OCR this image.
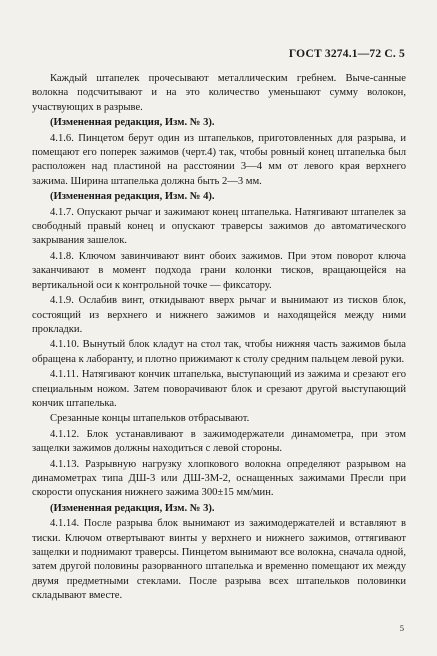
ГОСТ 3274.1—72 С. 5

Каждый штапелек прочесывают металлическим гребнем. Выче-санные волокна подсчитывают и на это количество уменьшают сумму волокон, участвующих в разрыве.

(Измененная редакция, Изм. № 3).

4.1.6. Пинцетом берут один из штапельков, приготовленных для разрыва, и помещают его поперек зажимов (черт.4) так, чтобы ровный конец штапелька был расположен над пластиной на расстоянии 3—4 мм от левого края верхнего зажима. Ширина штапелька должна быть 2—3 мм.

(Измененная редакция, Изм. № 4).

4.1.7. Опускают рычаг и зажимают конец штапелька. Натягивают штапелек за свободный правый конец и опускают траверсы зажимов до автоматического закрывания зашелок.

4.1.8. Ключом завинчивают винт обоих зажимов. При этом поворот ключа заканчивают в момент подхода грани колонки тисков, вращающейся на вертикальной оси к контрольной точке — фиксатору.

4.1.9. Ослабив винт, откидывают вверх рычаг и вынимают из тисков блок, состоящий из верхнего и нижнего зажимов и находящейся между ними прокладки.

4.1.10. Вынутый блок кладут на стол так, чтобы нижняя часть зажимов была обращена к лаборанту, и плотно прижимают к столу средним пальцем левой руки.

4.1.11. Натягивают кончик штапелька, выступающий из зажима и срезают его специальным ножом. Затем поворачивают блок и срезают другой выступающий кончик штапелька.

Срезанные концы штапельков отбрасывают.

4.1.12. Блок устанавливают в зажимодержатели динамометра, при этом защелки зажимов должны находиться с левой стороны.

4.1.13. Разрывную нагрузку хлопкового волокна определяют разрывом на динамометрах типа ДШ-3 или ДШ-3М-2, оснащенных зажимами Пресли при скорости опускания нижнего зажима 300±15 мм/мин.

(Измененная редакция, Изм. № 3).

4.1.14. После разрыва блок вынимают из зажимодержателей и вставляют в тиски. Ключом отвертывают винты у верхнего и нижнего зажимов, оттягивают защелки и поднимают траверсы. Пинцетом вынимают все волокна, сначала одной, затем другой половины разорванного штапелька и временно помещают их между двумя предметными стеклами. После разрыва всех штапельков половинки складывают вместе.

5
